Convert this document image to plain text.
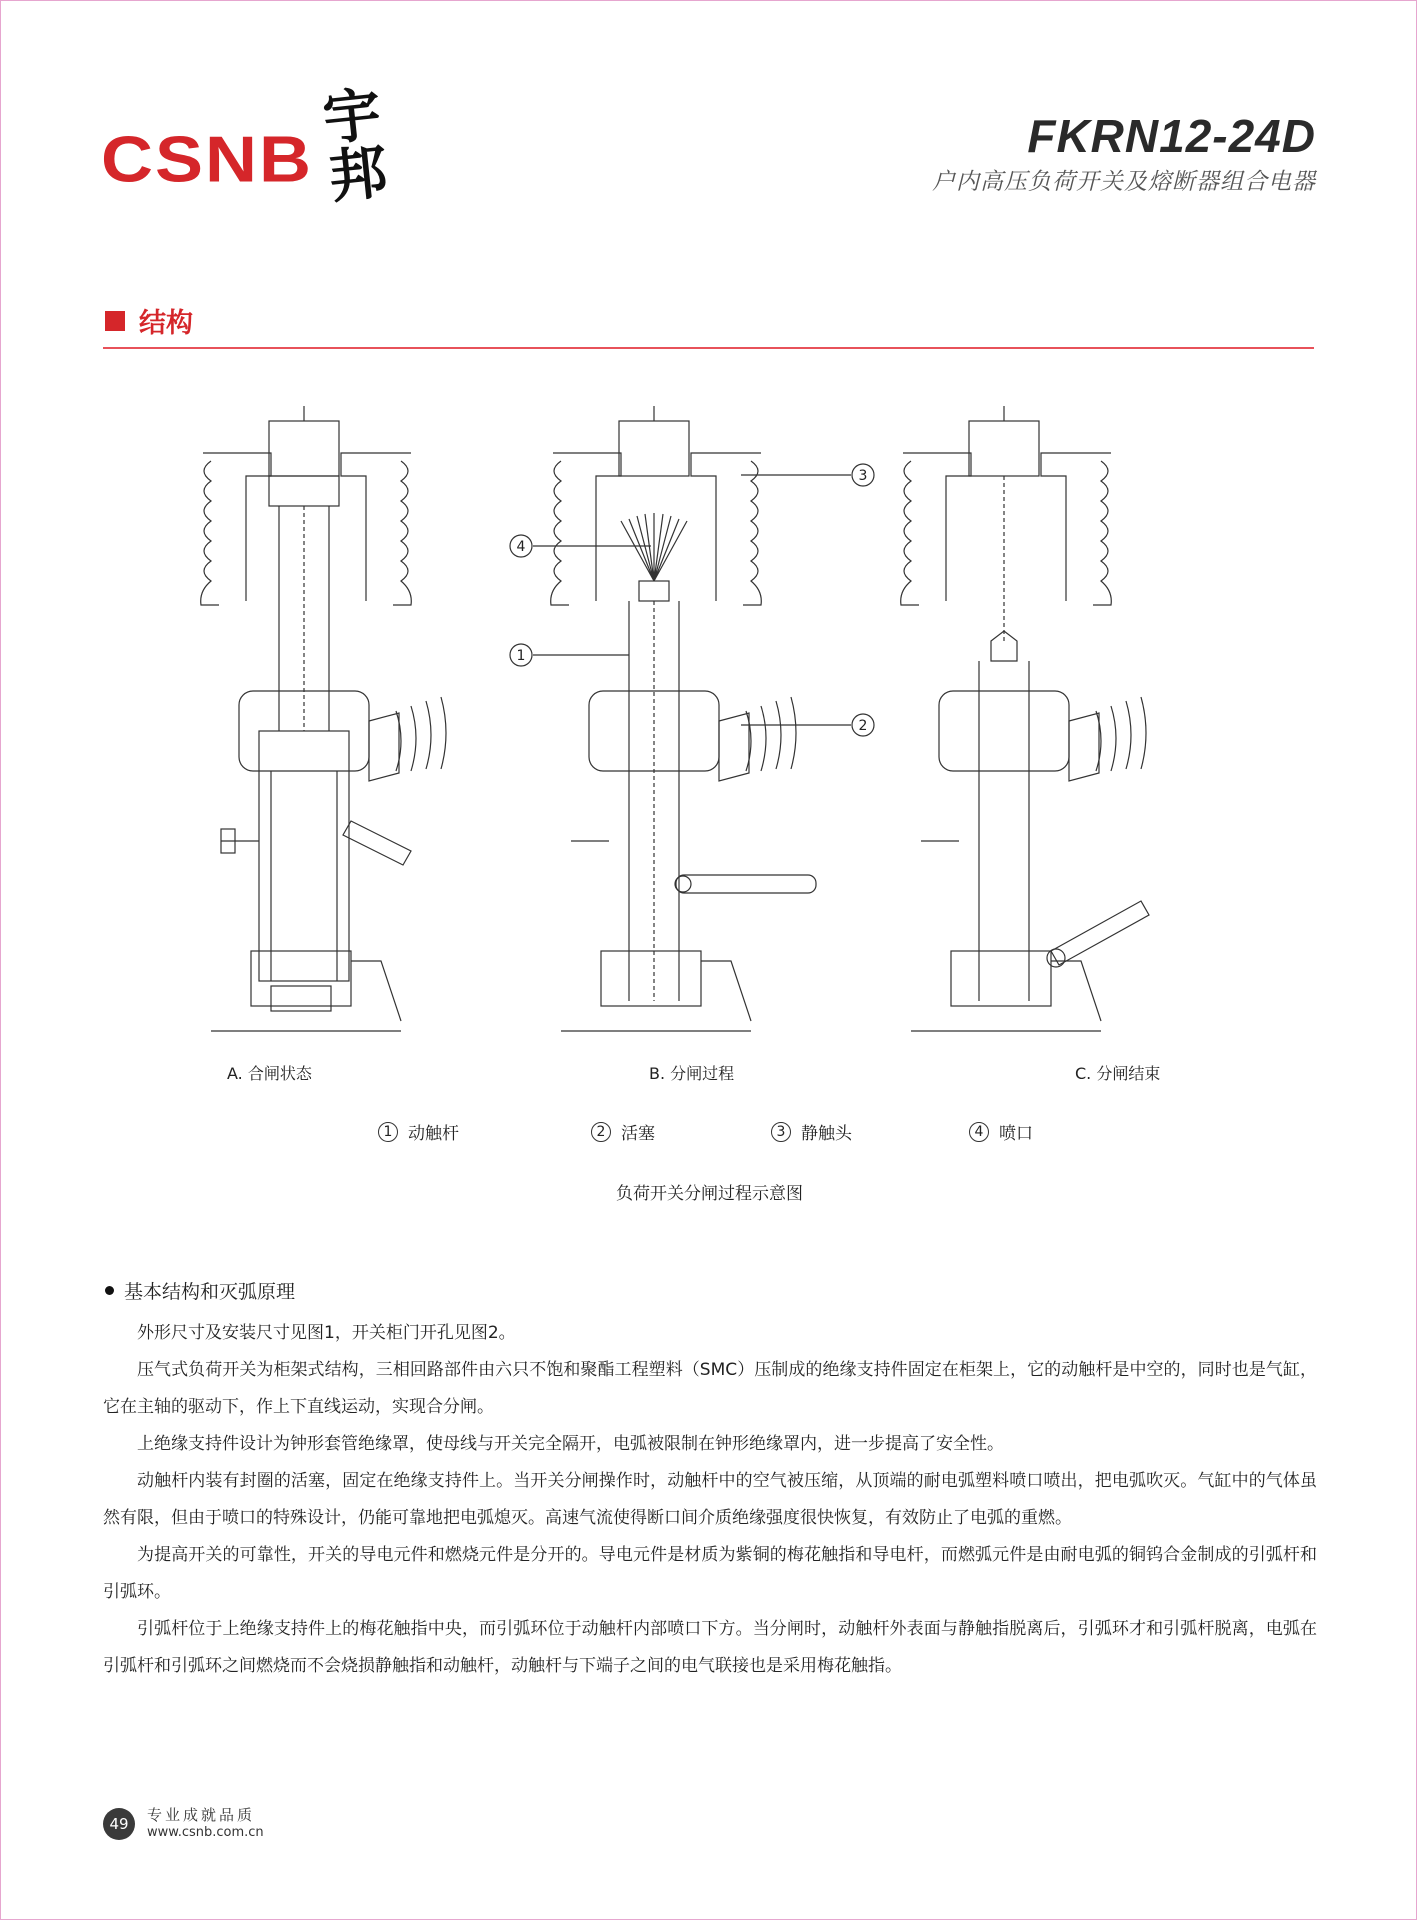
CSNB
宇邦	FKRN12-24D
户内高压负荷开关及熔断器组合电器
结构
3
4
1
2
A. 合闸状态	B. 分闸过程	C. 分闸结束
1 动触杆	2 活塞	3 静触头	4 喷口
负荷开关分闸过程示意图
基本结构和灭弧原理

外形尺寸及安装尺寸见图1，开关柜门开孔见图2。

压气式负荷开关为柜架式结构，三相回路部件由六只不饱和聚酯工程塑料（SMC）压制成的绝缘支持件固定在柜架上，它的动触杆是中空的，同时也是气缸，它在主轴的驱动下，作上下直线运动，实现合分闸。

上绝缘支持件设计为钟形套管绝缘罩，使母线与开关完全隔开，电弧被限制在钟形绝缘罩内，进一步提高了安全性。

动触杆内装有封圈的活塞，固定在绝缘支持件上。当开关分闸操作时，动触杆中的空气被压缩，从顶端的耐电弧塑料喷口喷出，把电弧吹灭。气缸中的气体虽然有限，但由于喷口的特殊设计，仍能可靠地把电弧熄灭。高速气流使得断口间介质绝缘强度很快恢复，有效防止了电弧的重燃。

为提高开关的可靠性，开关的导电元件和燃烧元件是分开的。导电元件是材质为紫铜的梅花触指和导电杆，而燃弧元件是由耐电弧的铜钨合金制成的引弧杆和引弧环。

引弧杆位于上绝缘支持件上的梅花触指中央，而引弧环位于动触杆内部喷口下方。当分闸时，动触杆外表面与静触指脱离后，引弧环才和引弧杆脱离，电弧在引弧杆和引弧环之间燃烧而不会烧损静触指和动触杆，动触杆与下端子之间的电气联接也是采用梅花触指。

49	专业成就品质
www.csnb.com.cn
